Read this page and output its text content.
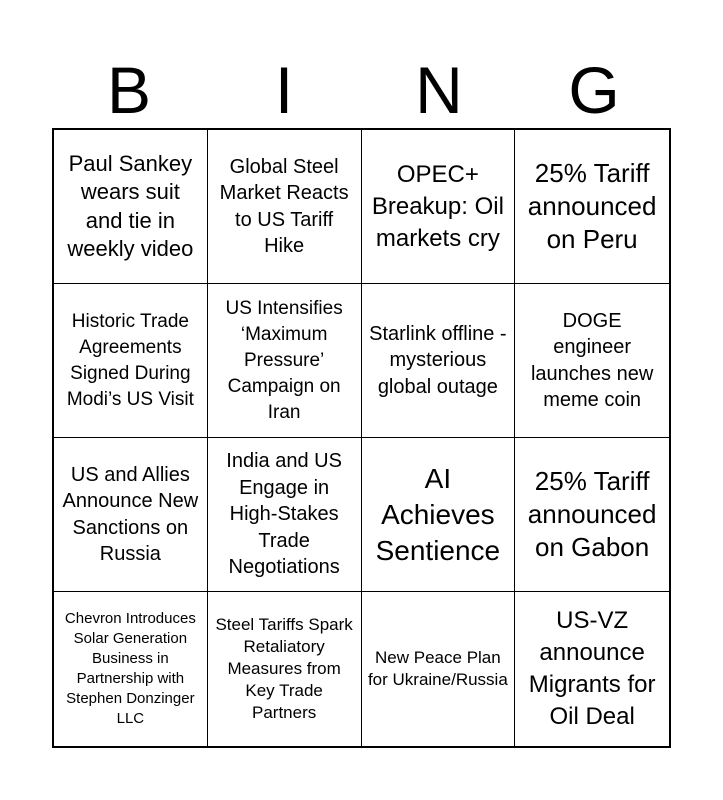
B	I	N	G
Paul Sankey wears suit and tie in weekly video
Global Steel Market Reacts to US Tariff Hike
OPEC+ Breakup: Oil markets cry
25% Tariff announced on Peru
Historic Trade Agreements Signed During Modi’s US Visit
US Intensifies ‘Maximum Pressure’ Campaign on Iran
Starlink offline - mysterious global outage
DOGE engineer launches new meme coin
US and Allies Announce New Sanctions on Russia
India and US Engage in High-Stakes Trade Negotiations
AI Achieves Sentience
25% Tariff announced on Gabon
Chevron Introduces Solar Generation Business in Partnership with Stephen Donzinger LLC
Steel Tariffs Spark Retaliatory Measures from Key Trade Partners
New Peace Plan for Ukraine/Russia
US-VZ announce Migrants for Oil Deal
